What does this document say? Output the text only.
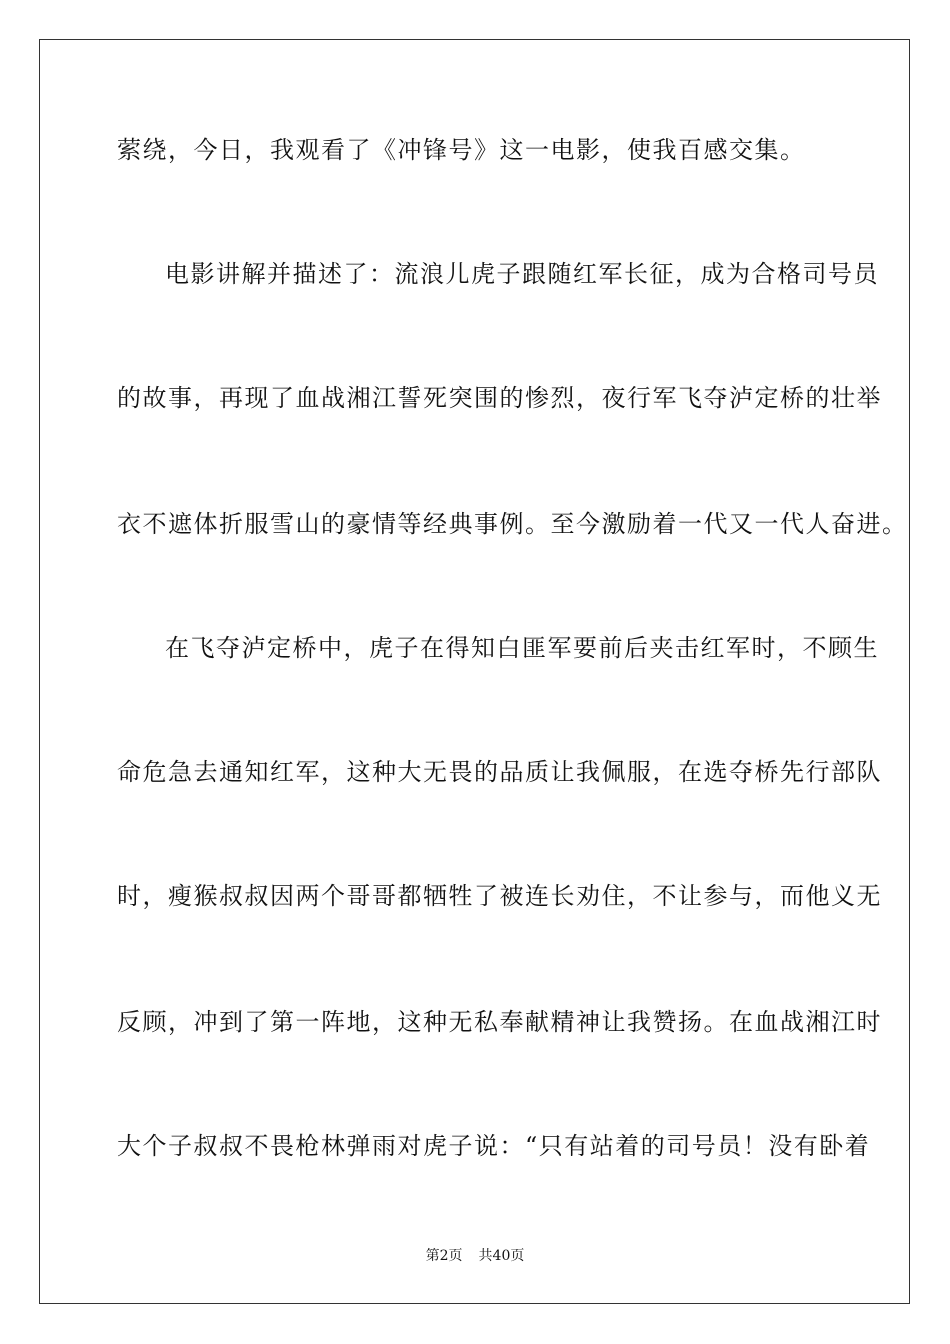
萦绕，今日，我观看了《冲锋号》这一电影，使我百感交集。
电影讲解并描述了：流浪儿虎子跟随红军长征，成为合格司号员
的故事，再现了血战湘江誓死突围的惨烈，夜行军飞夺泸定桥的壮举
衣不遮体折服雪山的豪情等经典事例。至今激励着一代又一代人奋进。
在飞夺泸定桥中，虎子在得知白匪军要前后夹击红军时，不顾生
命危急去通知红军，这种大无畏的品质让我佩服，在选夺桥先行部队
时，瘦猴叔叔因两个哥哥都牺牲了被连长劝住，不让参与，而他义无
反顾，冲到了第一阵地，这种无私奉献精神让我赞扬。在血战湘江时
大个子叔叔不畏枪林弹雨对虎子说：“只有站着的司号员！没有卧着
第2页 共40页
